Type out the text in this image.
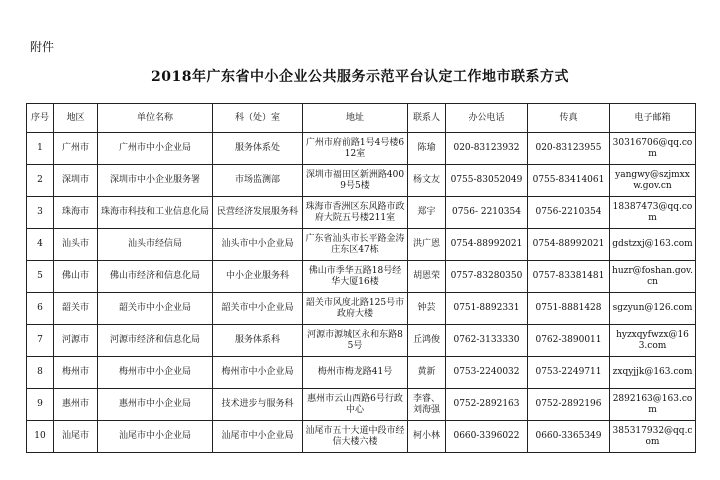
附件
2018年广东省中小企业公共服务示范平台认定工作地市联系方式
序号	地区	单位名称	科（处）室	地址	联系人	办公电话	传真	电子邮箱
1	广州市	广州市中小企业局	服务体系处	广州市府前路1号4号楼612室	陈瑜	020-83123932	020-83123955	30316706@qq.com
2	深圳市	深圳市中小企业服务署	市场监测部	深圳市福田区新洲路4009号5楼	杨文友	0755-83052049	0755-83414061	yangwy@szjmxxw.gov.cn
3	珠海市	珠海市科技和工业信息化局	民营经济发展服务科	珠海市香洲区东风路市政府大院五号楼211室	郑宇	0756- 2210354	0756-2210354	18387473@qq.com
4	汕头市	汕头市经信局	汕头市中小企业局	广东省汕头市长平路金涛庄东区47栋	洪广恩	0754-88992021	0754-88992021	gdstzxj@163.com
5	佛山市	佛山市经济和信息化局	中小企业服务科	佛山市季华五路18号经华大厦16楼	胡恩荣	0757-83280350	0757-83381481	huzr@foshan.gov.cn
6	韶关市	韶关市中小企业局	韶关市中小企业局	韶关市风度北路125号市政府大楼	钟芸	0751-8892331	0751-8881428	sgzyun@126.com
7	河源市	河源市经济和信息化局	服务体系科	河源市源城区永和东路85号	丘鸿俊	0762-3133330	0762-3890011	hyzxqyfwzx@163.com
8	梅州市	梅州市中小企业局	梅州市中小企业局	梅州市梅龙路41号	黄新	0753-2240032	0753-2249711	zxqyjjk@163.com
9	惠州市	惠州市中小企业局	技术进步与服务科	惠州市云山西路6号行政中心	李睿、刘海强	0752-2892163	0752-2892196	2892163@163.com
10	汕尾市	汕尾市中小企业局	汕尾市中小企业局	汕尾市五十大道中段市经信大楼六楼	柯小林	0660-3396022	0660-3365349	385317932@qq.com
